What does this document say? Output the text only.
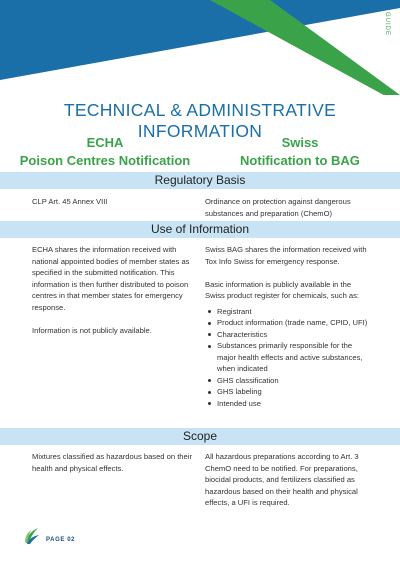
GUIDE
TECHNICAL & ADMINISTRATIVE INFORMATION
ECHA
Poison Centres Notification
Swiss
Notification to BAG
Regulatory Basis
CLP Art. 45 Annex VIII	Ordinance on protection against dangerous substances and preparation (ChemO)
Use of Information

ECHA shares the information received with national appointed bodies of member states as specified in the submitted notification. This information is then further distributed to poison centres in that member states for emergency response.

Information is not publicly available.

Swiss BAG shares the information received with Tox Info Swiss for emergency response.

Basic information is publicly available in the Swiss product register for chemicals, such as:

Registrant
Product information (trade name, CPID, UFI)
Characteristics
Substances primarily responsible for the major health effects and active substances, when indicated
GHS classification
GHS labeling
Intended use
Scope
Mixtures classified as hazardous based on their health and physical effects.
All hazardous preparations according to Art. 3 ChemO need to be notified. For preparations, biocidal products, and fertilizers classified as hazardous based on their health and physical effects, a UFI is required.
PAGE 02
